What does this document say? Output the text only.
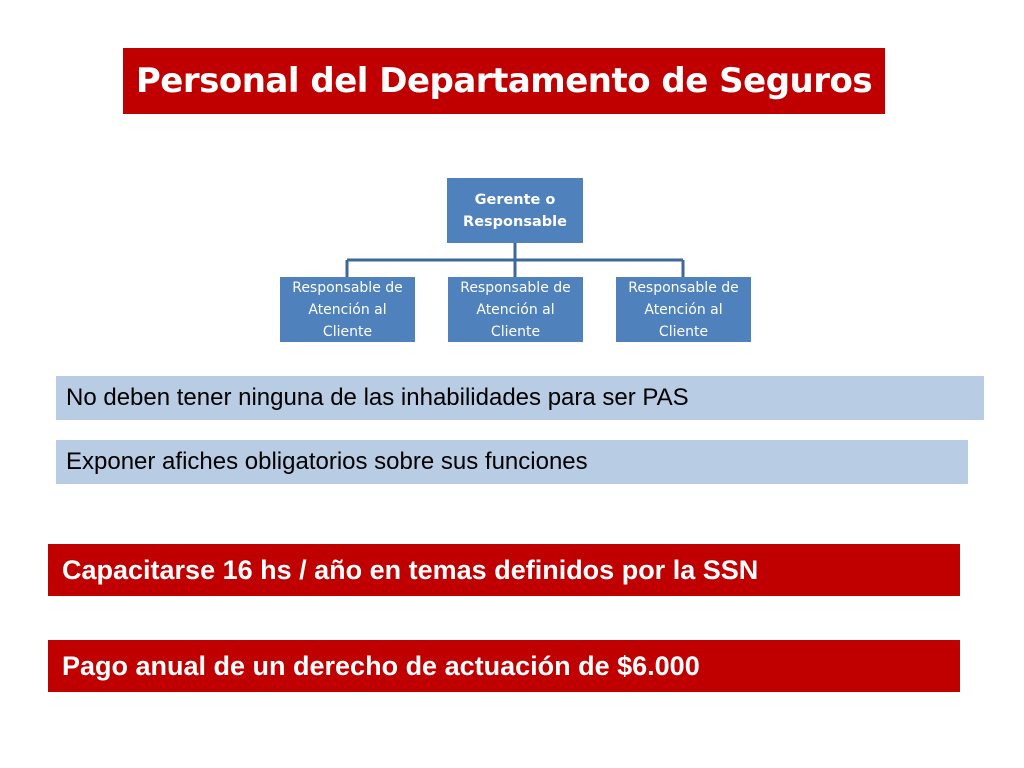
Personal del Departamento de Seguros
Gerente o Responsable
Responsable de Atención al Cliente
Responsable de Atención al Cliente
Responsable de Atención al Cliente
No deben tener ninguna de las inhabilidades para ser PAS
Exponer afiches obligatorios sobre sus funciones
Capacitarse 16 hs / año en temas definidos por la SSN
Pago anual de un derecho de actuación de $6.000
